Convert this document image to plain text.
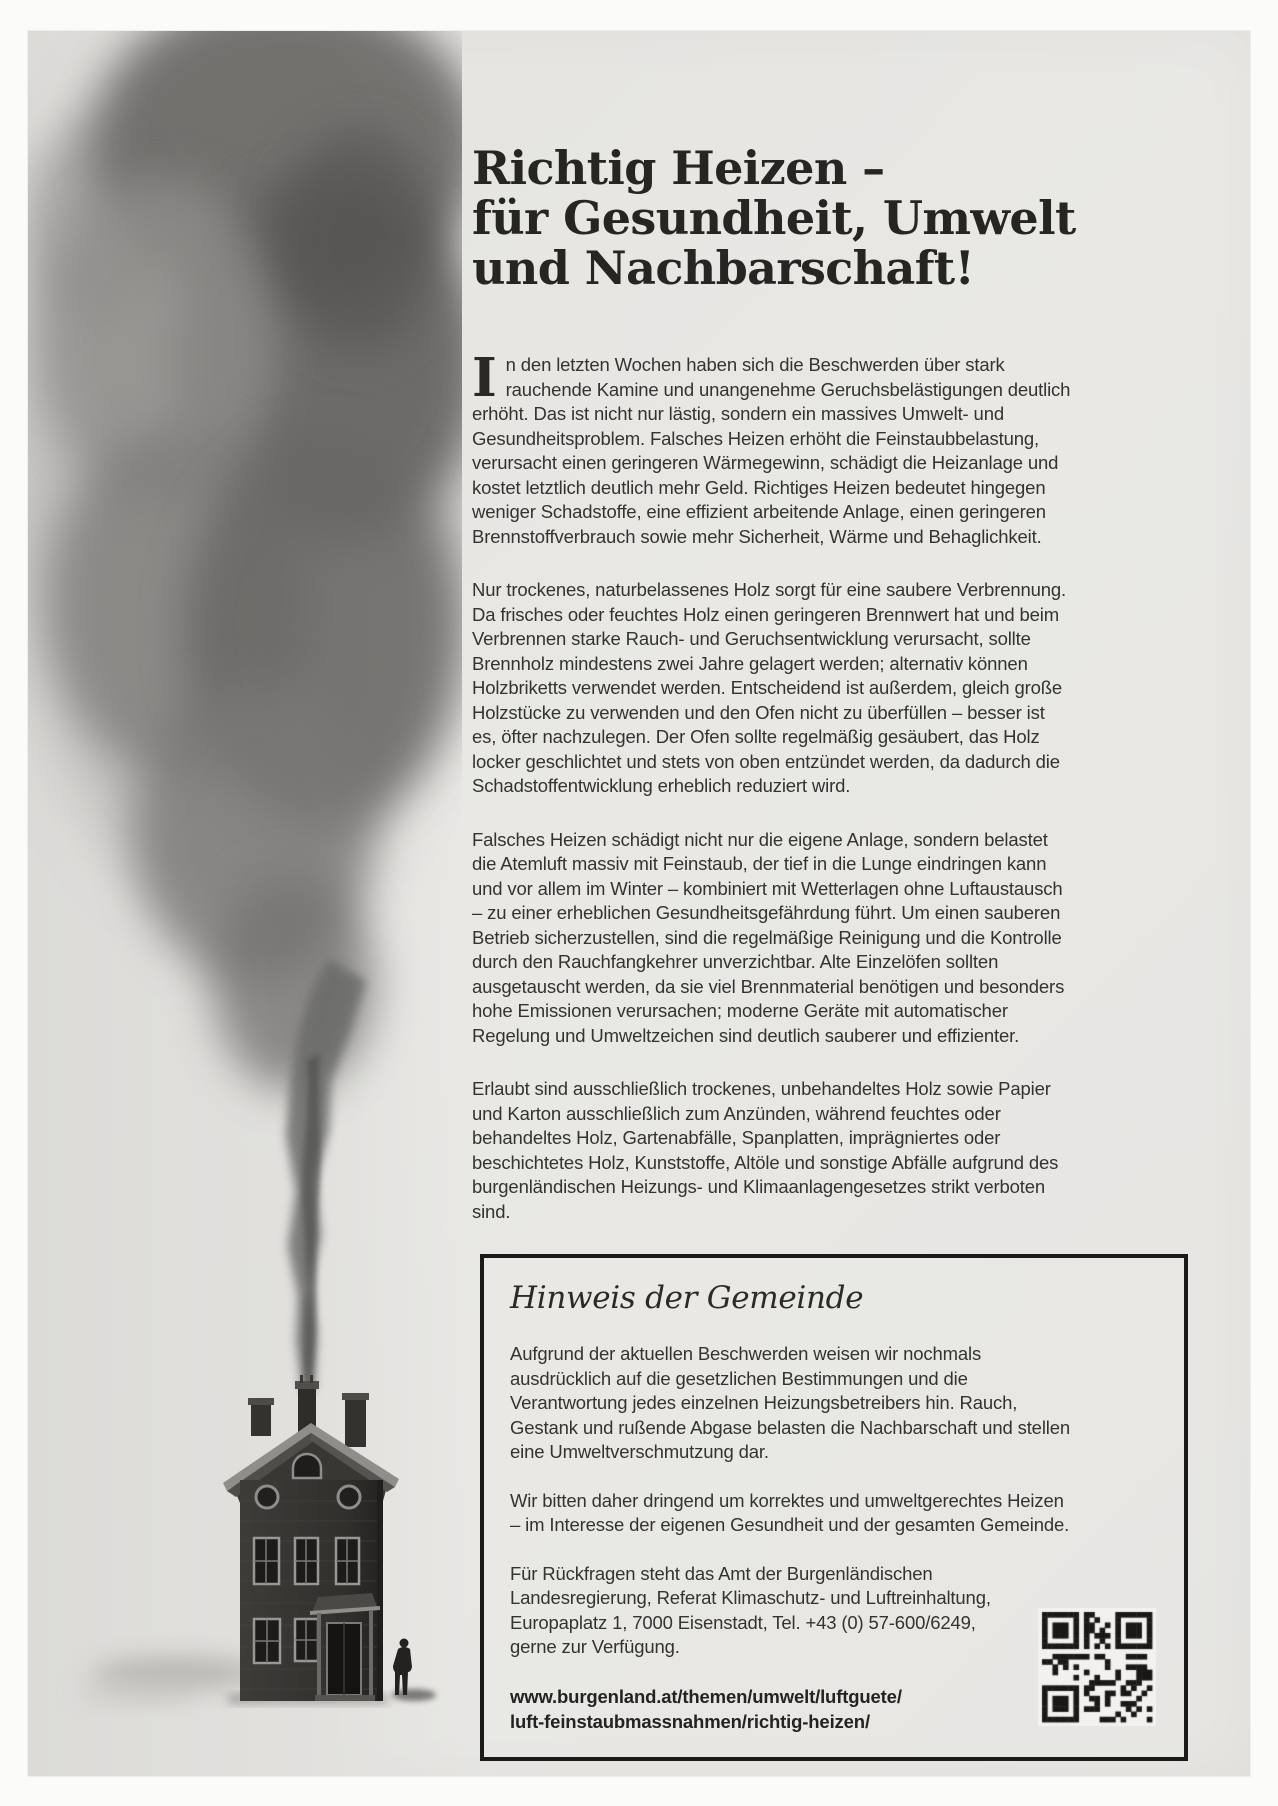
Richtig Heizen –
für Gesundheit, Umwelt
und Nachbarschaft!

In den letzten Wochen haben sich die Beschwerden über stark rauchende Kamine und unangenehme Geruchsbelästigungen deutlich erhöht. Das ist nicht nur lästig, sondern ein massives Umwelt- und Gesundheitsproblem. Falsches Heizen erhöht die Feinstaubbelastung, verursacht einen geringeren Wärmegewinn, schädigt die Heizanlage und kostet letztlich deutlich mehr Geld. Richtiges Heizen bedeutet hingegen weniger Schadstoffe, eine effizient arbeitende Anlage, einen geringeren Brennstoffverbrauch sowie mehr Sicherheit, Wärme und Behaglichkeit.

Nur trockenes, naturbelassenes Holz sorgt für eine saubere Verbrennung. Da frisches oder feuchtes Holz einen geringeren Brennwert hat und beim Verbrennen starke Rauch- und Geruchsentwicklung verursacht, sollte Brennholz mindestens zwei Jahre gelagert werden; alternativ können Holzbriketts verwendet werden. Entscheidend ist außerdem, gleich große Holzstücke zu verwenden und den Ofen nicht zu überfüllen – besser ist es, öfter nachzulegen. Der Ofen sollte regelmäßig gesäubert, das Holz locker geschlichtet und stets von oben entzündet werden, da dadurch die Schadstoffentwicklung erheblich reduziert wird.

Falsches Heizen schädigt nicht nur die eigene Anlage, sondern belastet die Atemluft massiv mit Feinstaub, der tief in die Lunge eindringen kann und vor allem im Winter – kombiniert mit Wetterlagen ohne Luftaustausch – zu einer erheblichen Gesundheitsgefährdung führt. Um einen sauberen Betrieb sicherzustellen, sind die regelmäßige Reinigung und die Kontrolle durch den Rauchfangkehrer unverzichtbar. Alte Einzelöfen sollten ausgetauscht werden, da sie viel Brennmaterial benötigen und besonders hohe Emissionen verursachen; moderne Geräte mit automatischer Regelung und Umweltzeichen sind deutlich sauberer und effizienter.

Erlaubt sind ausschließlich trockenes, unbehandeltes Holz sowie Papier und Karton ausschließlich zum Anzünden, während feuchtes oder behandeltes Holz, Gartenabfälle, Spanplatten, imprägniertes oder beschichtetes Holz, Kunststoffe, Altöle und sonstige Abfälle aufgrund des burgenländischen Heizungs- und Klimaanlagengesetzes strikt verboten sind.

Hinweis der Gemeinde

Aufgrund der aktuellen Beschwerden weisen wir nochmals ausdrücklich auf die gesetzlichen Bestimmungen und die Verantwortung jedes einzelnen Heizungsbetreibers hin. Rauch, Gestank und rußende Abgase belasten die Nachbarschaft und stellen eine Umweltverschmutzung dar.

Wir bitten daher dringend um korrektes und umweltgerechtes Heizen – im Interesse der eigenen Gesundheit und der gesamten Gemeinde.

Für Rückfragen steht das Amt der Burgenländischen Landesregierung, Referat Klimaschutz- und Luftreinhaltung, Europaplatz 1, 7000 Eisenstadt, Tel. +43 (0) 57-600/6249, gerne zur Verfügung.

www.burgenland.at/themen/umwelt/luftguete/
luft-feinstaubmassnahmen/richtig-heizen/
